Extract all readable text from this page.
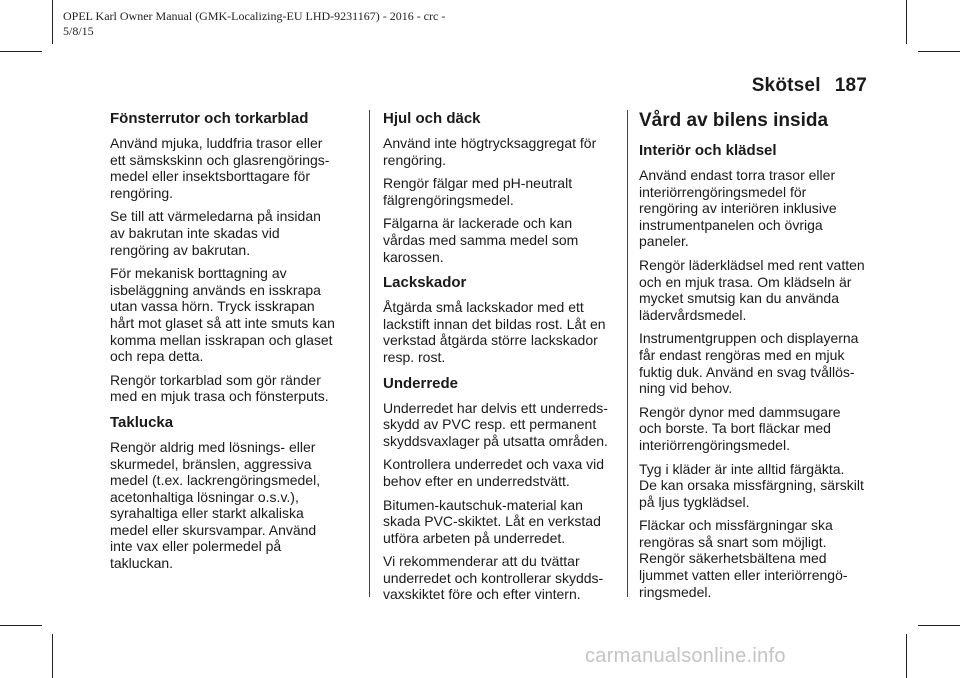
OPEL Karl Owner Manual (GMK-Localizing-EU LHD-9231167) - 2016 - crc -
5/8/15
Skötsel 187
Fönsterrutor och torkarblad

Använd mjuka, luddfria trasor eller
ett sämskskinn och glasrengörings-
medel eller insektsborttagare för
rengöring.

Se till att värmeledarna på insidan
av bakrutan inte skadas vid
rengöring av bakrutan.

För mekanisk borttagning av
isbeläggning används en isskrapa
utan vassa hörn. Tryck isskrapan
hårt mot glaset så att inte smuts kan
komma mellan isskrapan och glaset
och repa detta.

Rengör torkarblad som gör ränder
med en mjuk trasa och fönsterputs.

Taklucka

Rengör aldrig med lösnings- eller
skurmedel, bränslen, aggressiva
medel (t.ex. lackrengöringsmedel,
acetonhaltiga lösningar o.s.v.),
syrahaltiga eller starkt alkaliska
medel eller skursvampar. Använd
inte vax eller polermedel på
takluckan.

Hjul och däck

Använd inte högtrycksaggregat för
rengöring.

Rengör fälgar med pH-neutralt
fälgrengöringsmedel.

Fälgarna är lackerade och kan
vårdas med samma medel som
karossen.

Lackskador

Åtgärda små lackskador med ett
lackstift innan det bildas rost. Låt en
verkstad åtgärda större lackskador
resp. rost.

Underrede

Underredet har delvis ett underreds-
skydd av PVC resp. ett permanent
skyddsvaxlager på utsatta områden.

Kontrollera underredet och vaxa vid
behov efter en underredstvätt.

Bitumen-kautschuk-material kan
skada PVC-skiktet. Låt en verkstad
utföra arbeten på underredet.

Vi rekommenderar att du tvättar
underredet och kontrollerar skydds-
vaxskiktet före och efter vintern.

Vård av bilens insida
Interiör och klädsel

Använd endast torra trasor eller
interiörrengöringsmedel för
rengöring av interiören inklusive
instrumentpanelen och övriga
paneler.

Rengör läderklädsel med rent vatten
och en mjuk trasa. Om klädseln är
mycket smutsig kan du använda
lädervårdsmedel.

Instrumentgruppen och displayerna
får endast rengöras med en mjuk
fuktig duk. Använd en svag tvållös-
ning vid behov.

Rengör dynor med dammsugare
och borste. Ta bort fläckar med
interiörrengöringsmedel.

Tyg i kläder är inte alltid färgäkta.
De kan orsaka missfärgning, särskilt
på ljus tygklädsel.

Fläckar och missfärgningar ska
rengöras så snart som möjligt.
Rengör säkerhetsbältena med
ljummet vatten eller interiörrengö-
ringsmedel.

carmanualsonline.info
